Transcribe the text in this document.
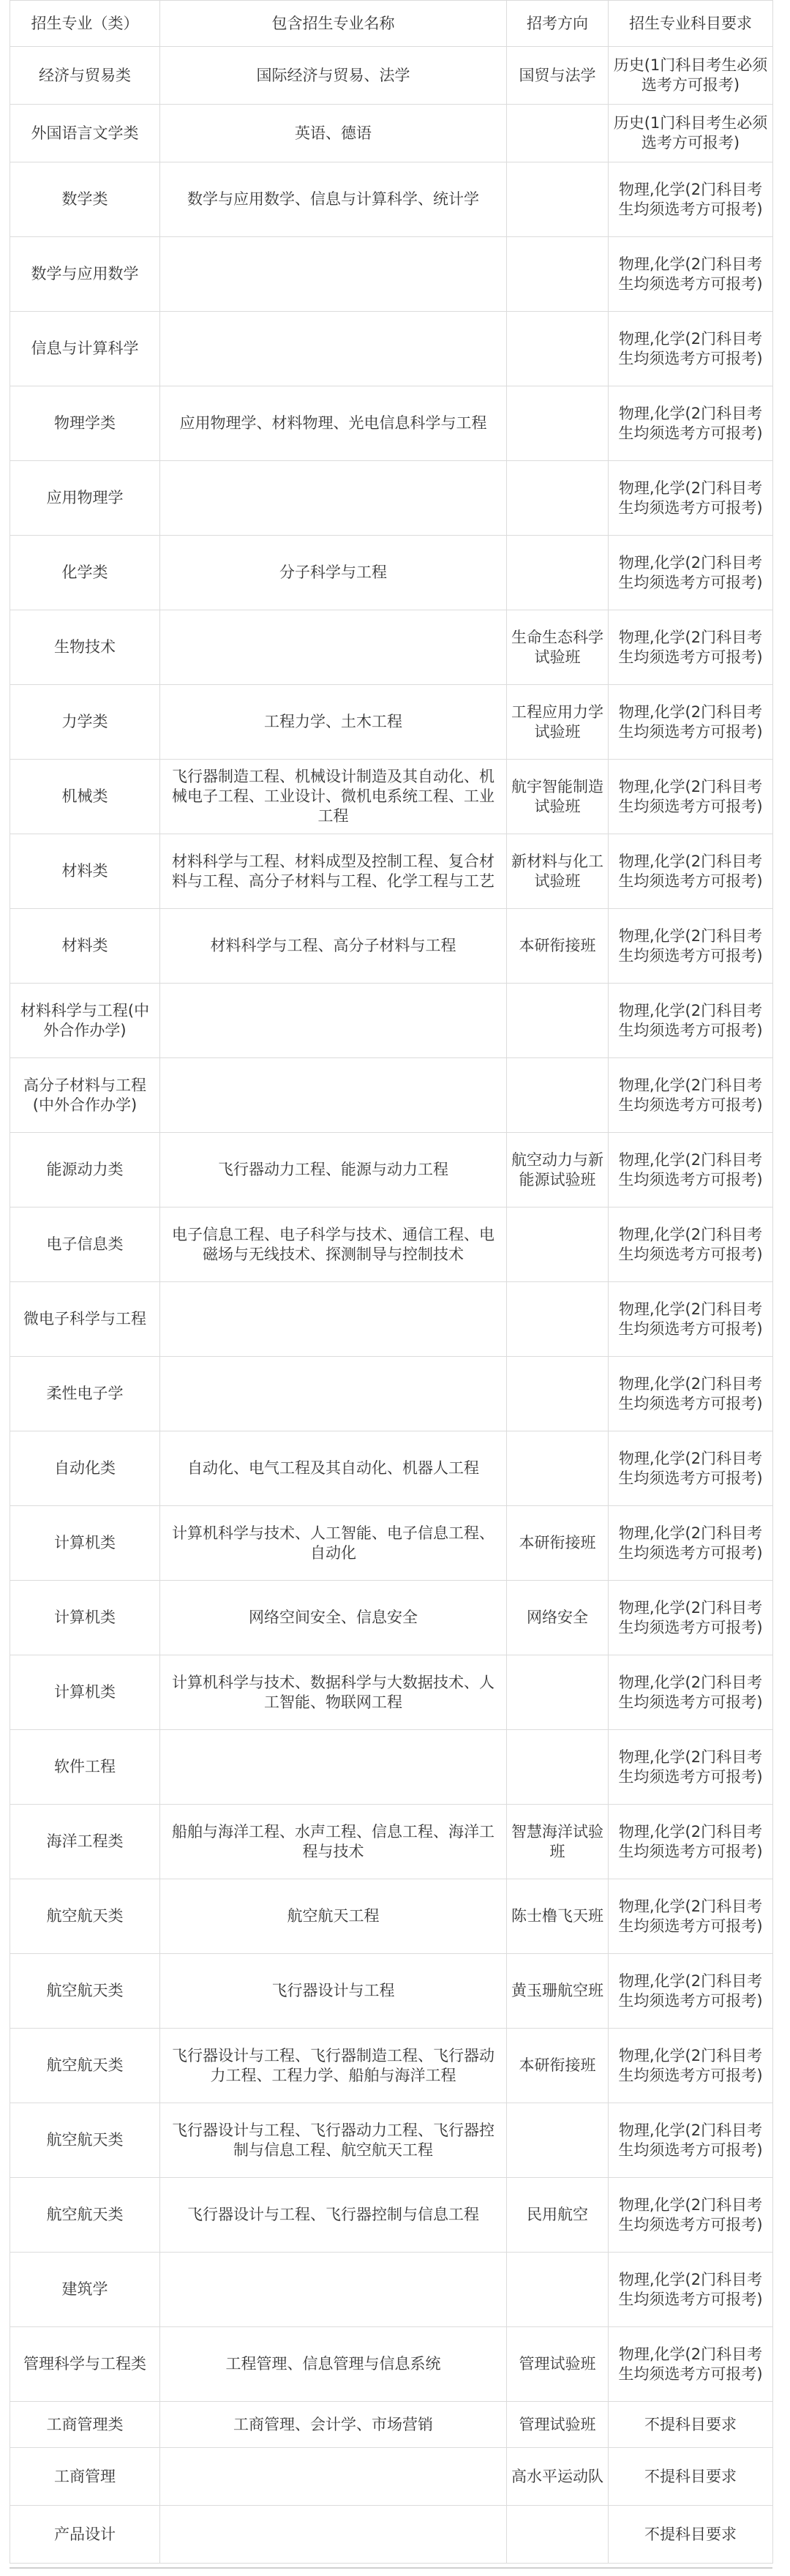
招生专业（类）	包含招生专业名称	招考方向	招生专业科目要求
经济与贸易类	国际经济与贸易、法学	国贸与法学	历史(1门科目考生必须选考方可报考)
外国语言文学类	英语、德语		历史(1门科目考生必须选考方可报考)
数学类	数学与应用数学、信息与计算科学、统计学		物理,化学(2门科目考生均须选考方可报考)
数学与应用数学			物理,化学(2门科目考生均须选考方可报考)
信息与计算科学			物理,化学(2门科目考生均须选考方可报考)
物理学类	应用物理学、材料物理、光电信息科学与工程		物理,化学(2门科目考生均须选考方可报考)
应用物理学			物理,化学(2门科目考生均须选考方可报考)
化学类	分子科学与工程		物理,化学(2门科目考生均须选考方可报考)
生物技术		生命生态科学试验班	物理,化学(2门科目考生均须选考方可报考)
力学类	工程力学、土木工程	工程应用力学试验班	物理,化学(2门科目考生均须选考方可报考)
机械类	飞行器制造工程、机械设计制造及其自动化、机械电子工程、工业设计、微机电系统工程、工业工程	航宇智能制造试验班	物理,化学(2门科目考生均须选考方可报考)
材料类	材料科学与工程、材料成型及控制工程、复合材料与工程、高分子材料与工程、化学工程与工艺	新材料与化工试验班	物理,化学(2门科目考生均须选考方可报考)
材料类	材料科学与工程、高分子材料与工程	本研衔接班	物理,化学(2门科目考生均须选考方可报考)
材料科学与工程(中外合作办学)			物理,化学(2门科目考生均须选考方可报考)
高分子材料与工程(中外合作办学)			物理,化学(2门科目考生均须选考方可报考)
能源动力类	飞行器动力工程、能源与动力工程	航空动力与新能源试验班	物理,化学(2门科目考生均须选考方可报考)
电子信息类	电子信息工程、电子科学与技术、通信工程、电磁场与无线技术、探测制导与控制技术		物理,化学(2门科目考生均须选考方可报考)
微电子科学与工程			物理,化学(2门科目考生均须选考方可报考)
柔性电子学			物理,化学(2门科目考生均须选考方可报考)
自动化类	自动化、电气工程及其自动化、机器人工程		物理,化学(2门科目考生均须选考方可报考)
计算机类	计算机科学与技术、人工智能、电子信息工程、自动化	本研衔接班	物理,化学(2门科目考生均须选考方可报考)
计算机类	网络空间安全、信息安全	网络安全	物理,化学(2门科目考生均须选考方可报考)
计算机类	计算机科学与技术、数据科学与大数据技术、人工智能、物联网工程		物理,化学(2门科目考生均须选考方可报考)
软件工程			物理,化学(2门科目考生均须选考方可报考)
海洋工程类	船舶与海洋工程、水声工程、信息工程、海洋工程与技术	智慧海洋试验班	物理,化学(2门科目考生均须选考方可报考)
航空航天类	航空航天工程	陈士橹飞天班	物理,化学(2门科目考生均须选考方可报考)
航空航天类	飞行器设计与工程	黄玉珊航空班	物理,化学(2门科目考生均须选考方可报考)
航空航天类	飞行器设计与工程、飞行器制造工程、飞行器动力工程、工程力学、船舶与海洋工程	本研衔接班	物理,化学(2门科目考生均须选考方可报考)
航空航天类	飞行器设计与工程、飞行器动力工程、飞行器控制与信息工程、航空航天工程		物理,化学(2门科目考生均须选考方可报考)
航空航天类	飞行器设计与工程、飞行器控制与信息工程	民用航空	物理,化学(2门科目考生均须选考方可报考)
建筑学			物理,化学(2门科目考生均须选考方可报考)
管理科学与工程类	工程管理、信息管理与信息系统	管理试验班	物理,化学(2门科目考生均须选考方可报考)
工商管理类	工商管理、会计学、市场营销	管理试验班	不提科目要求
工商管理		高水平运动队	不提科目要求
产品设计			不提科目要求
